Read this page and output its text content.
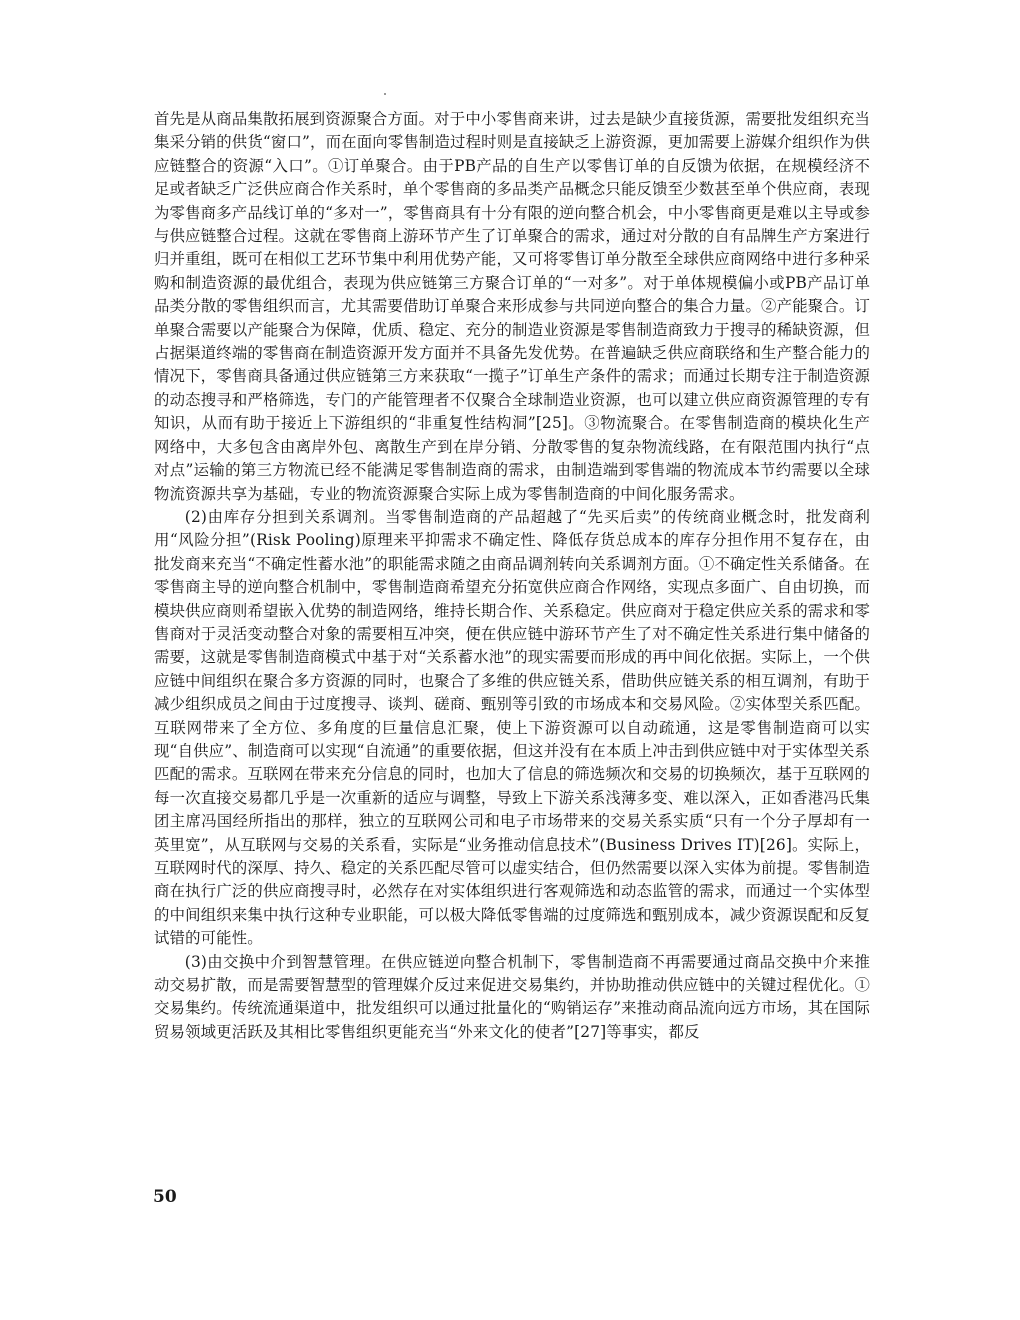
首先是从商品集散拓展到资源聚合方面。对于中小零售商来讲，过去是缺少直接货源，需要批发组织充当集采分销的供货“窗口”，而在面向零售制造过程时则是直接缺乏上游资源，更加需要上游媒介组织作为供应链整合的资源“入口”。①订单聚合。由于PB产品的自生产以零售订单的自反馈为依据，在规模经济不足或者缺乏广泛供应商合作关系时，单个零售商的多品类产品概念只能反馈至少数甚至单个供应商，表现为零售商多产品线订单的“多对一”，零售商具有十分有限的逆向整合机会，中小零售商更是难以主导或参与供应链整合过程。这就在零售商上游环节产生了订单聚合的需求，通过对分散的自有品牌生产方案进行归并重组，既可在相似工艺环节集中利用优势产能，又可将零售订单分散至全球供应商网络中进行多种采购和制造资源的最优组合，表现为供应链第三方聚合订单的“一对多”。对于单体规模偏小或PB产品订单品类分散的零售组织而言，尤其需要借助订单聚合来形成参与共同逆向整合的集合力量。②产能聚合。订单聚合需要以产能聚合为保障，优质、稳定、充分的制造业资源是零售制造商致力于搜寻的稀缺资源，但占据渠道终端的零售商在制造资源开发方面并不具备先发优势。在普遍缺乏供应商联络和生产整合能力的情况下，零售商具备通过供应链第三方来获取“一揽子”订单生产条件的需求；而通过长期专注于制造资源的动态搜寻和严格筛选，专门的产能管理者不仅聚合全球制造业资源，也可以建立供应商资源管理的专有知识，从而有助于接近上下游组织的“非重复性结构洞”[25]。③物流聚合。在零售制造商的模块化生产网络中，大多包含由离岸外包、离散生产到在岸分销、分散零售的复杂物流线路，在有限范围内执行“点对点”运输的第三方物流已经不能满足零售制造商的需求，由制造端到零售端的物流成本节约需要以全球物流资源共享为基础，专业的物流资源聚合实际上成为零售制造商的中间化服务需求。

(2)由库存分担到关系调剂。当零售制造商的产品超越了“先买后卖”的传统商业概念时，批发商利用“风险分担”(Risk Pooling)原理来平抑需求不确定性、降低存货总成本的库存分担作用不复存在，由批发商来充当“不确定性蓄水池”的职能需求随之由商品调剂转向关系调剂方面。①不确定性关系储备。在零售商主导的逆向整合机制中，零售制造商希望充分拓宽供应商合作网络，实现点多面广、自由切换，而模块供应商则希望嵌入优势的制造网络，维持长期合作、关系稳定。供应商对于稳定供应关系的需求和零售商对于灵活变动整合对象的需要相互冲突，便在供应链中游环节产生了对不确定性关系进行集中储备的需要，这就是零售制造商模式中基于对“关系蓄水池”的现实需要而形成的再中间化依据。实际上，一个供应链中间组织在聚合多方资源的同时，也聚合了多维的供应链关系，借助供应链关系的相互调剂，有助于减少组织成员之间由于过度搜寻、谈判、磋商、甄别等引致的市场成本和交易风险。②实体型关系匹配。互联网带来了全方位、多角度的巨量信息汇聚，使上下游资源可以自动疏通，这是零售制造商可以实现“自供应”、制造商可以实现“自流通”的重要依据，但这并没有在本质上冲击到供应链中对于实体型关系匹配的需求。互联网在带来充分信息的同时，也加大了信息的筛选频次和交易的切换频次，基于互联网的每一次直接交易都几乎是一次重新的适应与调整，导致上下游关系浅薄多变、难以深入，正如香港冯氏集团主席冯国经所指出的那样，独立的互联网公司和电子市场带来的交易关系实质“只有一个分子厚却有一英里宽”，从互联网与交易的关系看，实际是“业务推动信息技术”(Business Drives IT)[26]。实际上，互联网时代的深厚、持久、稳定的关系匹配尽管可以虚实结合，但仍然需要以深入实体为前提。零售制造商在执行广泛的供应商搜寻时，必然存在对实体组织进行客观筛选和动态监管的需求，而通过一个实体型的中间组织来集中执行这种专业职能，可以极大降低零售端的过度筛选和甄别成本，减少资源误配和反复试错的可能性。

(3)由交换中介到智慧管理。在供应链逆向整合机制下，零售制造商不再需要通过商品交换中介来推动交易扩散，而是需要智慧型的管理媒介反过来促进交易集约，并协助推动供应链中的关键过程优化。①交易集约。传统流通渠道中，批发组织可以通过批量化的“购销运存”来推动商品流向远方市场，其在国际贸易领域更活跃及其相比零售组织更能充当“外来文化的使者”[27]等事实，都反

50
